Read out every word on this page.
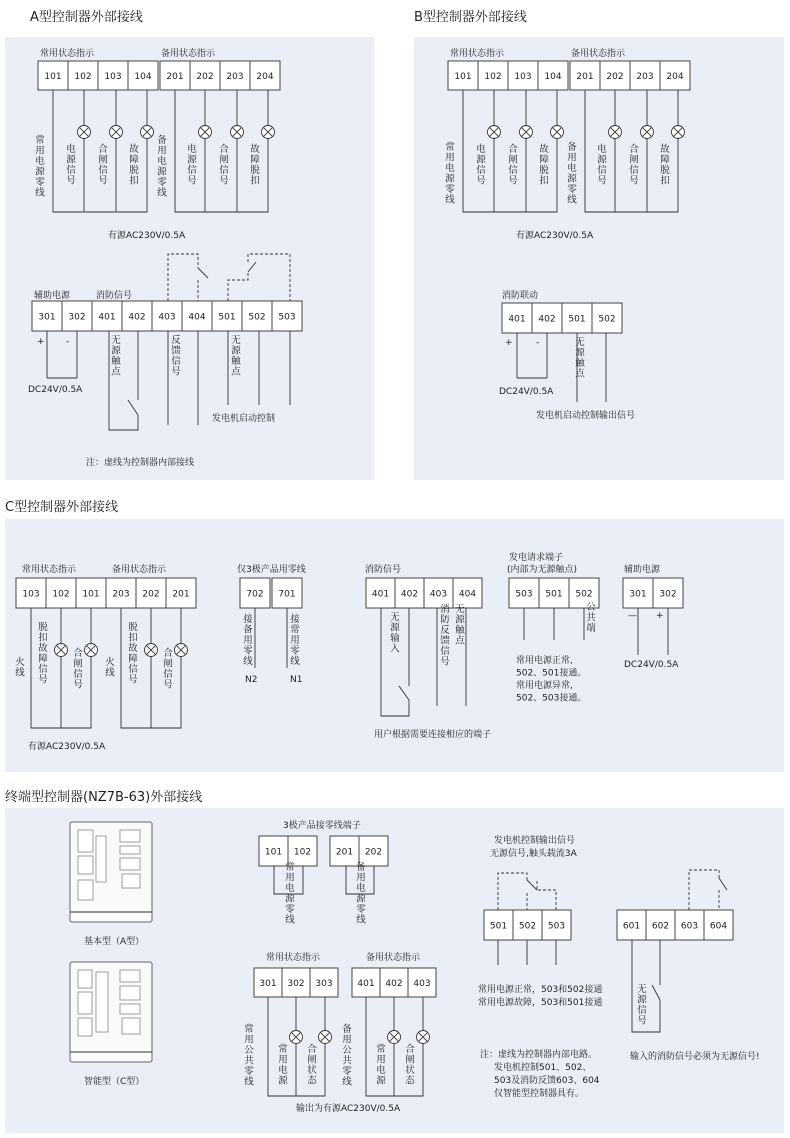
A型控制器外部接线	B型控制器外部接线
C型控制器外部接线
终端型控制器(NZ7B-63)外部接线
常用状态指示	备用状态指示
101 102 103 104 201 202 203 204
常用电源零线
电源信号
合闸信号
故障脱扣
备用电源零线
电源信号
合闸信号
故障脱扣
有源AC230V/0.5A
辅助电源	消防信号
301 302 401 402 403 404 501 502 503
+ -
DC24V/0.5A
无源触点
反馈信号
无源触点
发电机启动控制
注：虚线为控制器内部接线
常用状态指示	备用状态指示
101 102 103 104 201 202 203 204
常用电源零线
电源信号
合闸信号
故障脱扣
备用电源零线
电源信号
合闸信号
故障脱扣
有源AC230V/0.5A
消防联动
401 402 501 502
+	-
DC24V/0.5A
无源触点
发电机启动控制输出信号
常用状态指示	备用状态指示
103 102 101 203 202 201
火线
脱扣故障信号
合闸信号
火线
脱扣故障信号
合闸信号
有源AC230V/0.5A
仅3极产品用零线
702 701
接备用零线
接常用零线
N2	N1
消防信号
401 402 403 404
无源输入
消防反馈信号
无源触点
用户根据需要连接相应的端子
发电请求端子
(内部为无源触点)
503 501 502
公共端
常用电源正常,
502、501接通。
常用电源异常,
502、503接通。
辅助电源
301 302
— +
DC24V/0.5A
基本型（A型）
智能型（C型）
3极产品接零线端子
101 102	201 202
常用电源零线
备用电源零线
常用状态指示	备用状态指示
301 302 303	401 402 403
常用公共零线
常用电源
合闸状态
备用公共零线
常用电源
合闸状态
输出为有源AC230V/0.5A
发电机控制输出信号
无源信号,触头载流3A
501 502 503
常用电源正常，503和502接通
常用电源故障，503和501接通
601 602 603 604
无源信号
输入的消防信号必须为无源信号!
注：虚线为控制器内部电路。
发电机控制501、502、
503及消防反馈603、604
仅智能型控制器具有。
